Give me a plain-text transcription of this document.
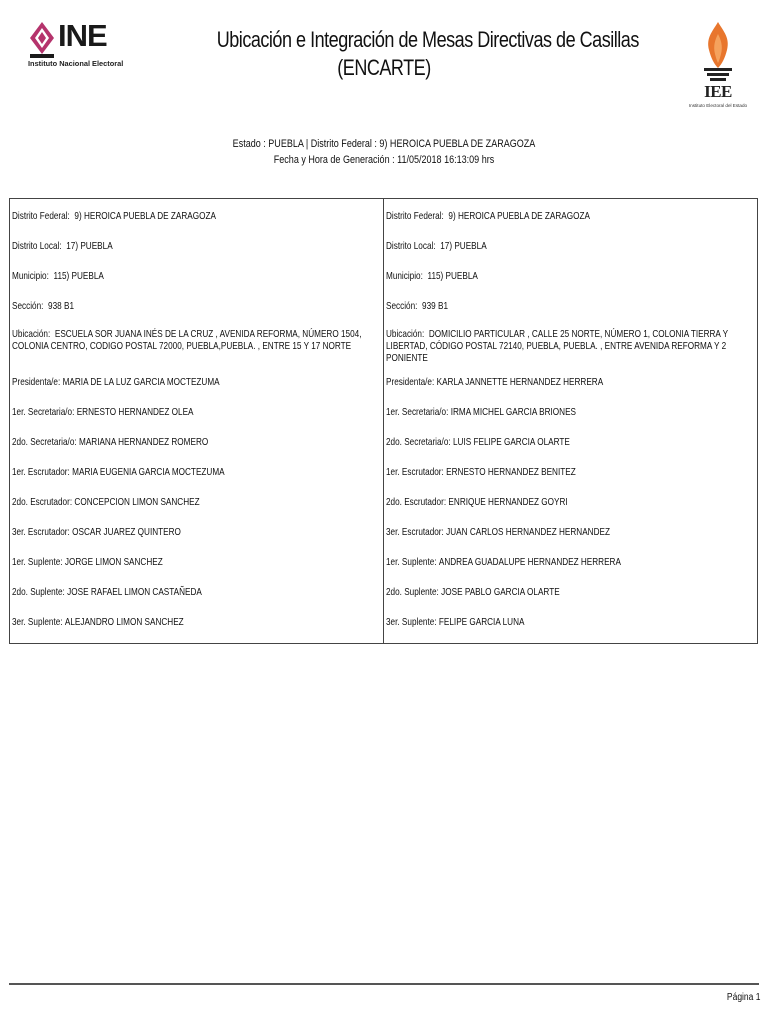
INE
Instituto Nacional Electoral
Ubicación e Integración de Mesas Directivas de Casillas
(ENCARTE)
IEE
Instituto Electoral del Estado
Estado : PUEBLA | Distrito Federal : 9) HEROICA PUEBLA DE ZARAGOZA
Fecha y Hora de Generación : 11/05/2018 16:13:09 hrs
Distrito Federal: 9) HEROICA PUEBLA DE ZARAGOZA
Distrito Local: 17) PUEBLA
Municipio: 115) PUEBLA
Sección: 938 B1
Ubicación: ESCUELA SOR JUANA INÉS DE LA CRUZ , AVENIDA REFORMA, NÚMERO 1504, COLONIA CENTRO, CODIGO POSTAL 72000, PUEBLA,PUEBLA. , ENTRE 15 Y 17 NORTE
Presidenta/e: MARIA DE LA LUZ GARCIA MOCTEZUMA
1er. Secretaria/o: ERNESTO HERNANDEZ OLEA
2do. Secretaria/o: MARIANA HERNANDEZ ROMERO
1er. Escrutador: MARIA EUGENIA GARCIA MOCTEZUMA
2do. Escrutador: CONCEPCION LIMON SANCHEZ
3er. Escrutador: OSCAR JUAREZ QUINTERO
1er. Suplente: JORGE LIMON SANCHEZ
2do. Suplente: JOSE RAFAEL LIMON CASTAÑEDA
3er. Suplente: ALEJANDRO LIMON SANCHEZ
Distrito Federal: 9) HEROICA PUEBLA DE ZARAGOZA
Distrito Local: 17) PUEBLA
Municipio: 115) PUEBLA
Sección: 939 B1
Ubicación: DOMICILIO PARTICULAR , CALLE 25 NORTE, NÚMERO 1, COLONIA TIERRA Y LIBERTAD, CÓDIGO POSTAL 72140, PUEBLA, PUEBLA. , ENTRE AVENIDA REFORMA Y 2 PONIENTE
Presidenta/e: KARLA JANNETTE HERNANDEZ HERRERA
1er. Secretaria/o: IRMA MICHEL GARCIA BRIONES
2do. Secretaria/o: LUIS FELIPE GARCIA OLARTE
1er. Escrutador: ERNESTO HERNANDEZ BENITEZ
2do. Escrutador: ENRIQUE HERNANDEZ GOYRI
3er. Escrutador: JUAN CARLOS HERNANDEZ HERNANDEZ
1er. Suplente: ANDREA GUADALUPE HERNANDEZ HERRERA
2do. Suplente: JOSE PABLO GARCIA OLARTE
3er. Suplente: FELIPE GARCIA LUNA
Página 1
